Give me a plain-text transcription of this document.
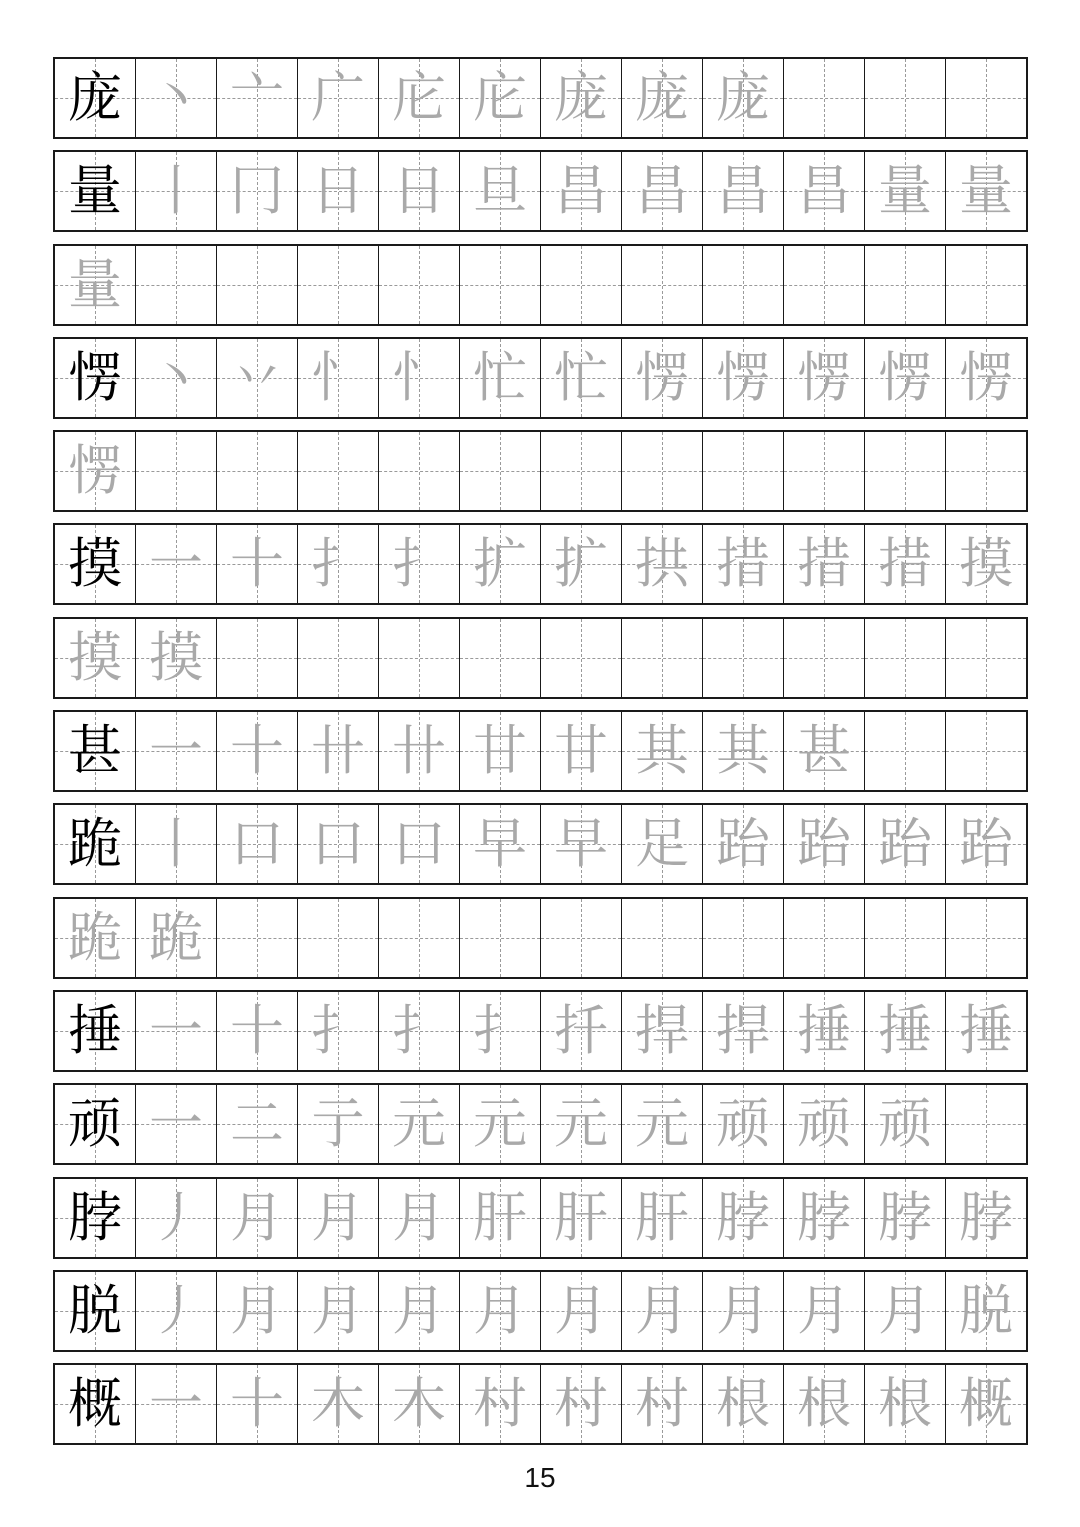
庞 丶 亠 广 庀 庀 庞 庞 庞
量 丨 冂 日 日 旦 昌 昌 昌 昌 量 量
量
愣 丶 丷 忄 忄 忙 忙 愣 愣 愣 愣 愣
愣
摸 一 十 扌 扌 扩 扩 拱 措 措 措 摸
摸 摸
甚 一 十 卄 卄 甘 甘 其 其 甚
跪 丨 口 口 口 早 早 足 跆 跆 跆 跆
跪 跪
捶 一 十 扌 扌 扌 扦 捍 捍 捶 捶 捶
顽 一 二 亍 元 元 元 元 顽 顽 顽
脖 丿 月 月 月 肝 肝 肝 脖 脖 脖 脖
脱 丿 月 月 月 月 月 月 月 月 月 脱
概 一 十 木 木 村 村 村 根 根 根 概
15
